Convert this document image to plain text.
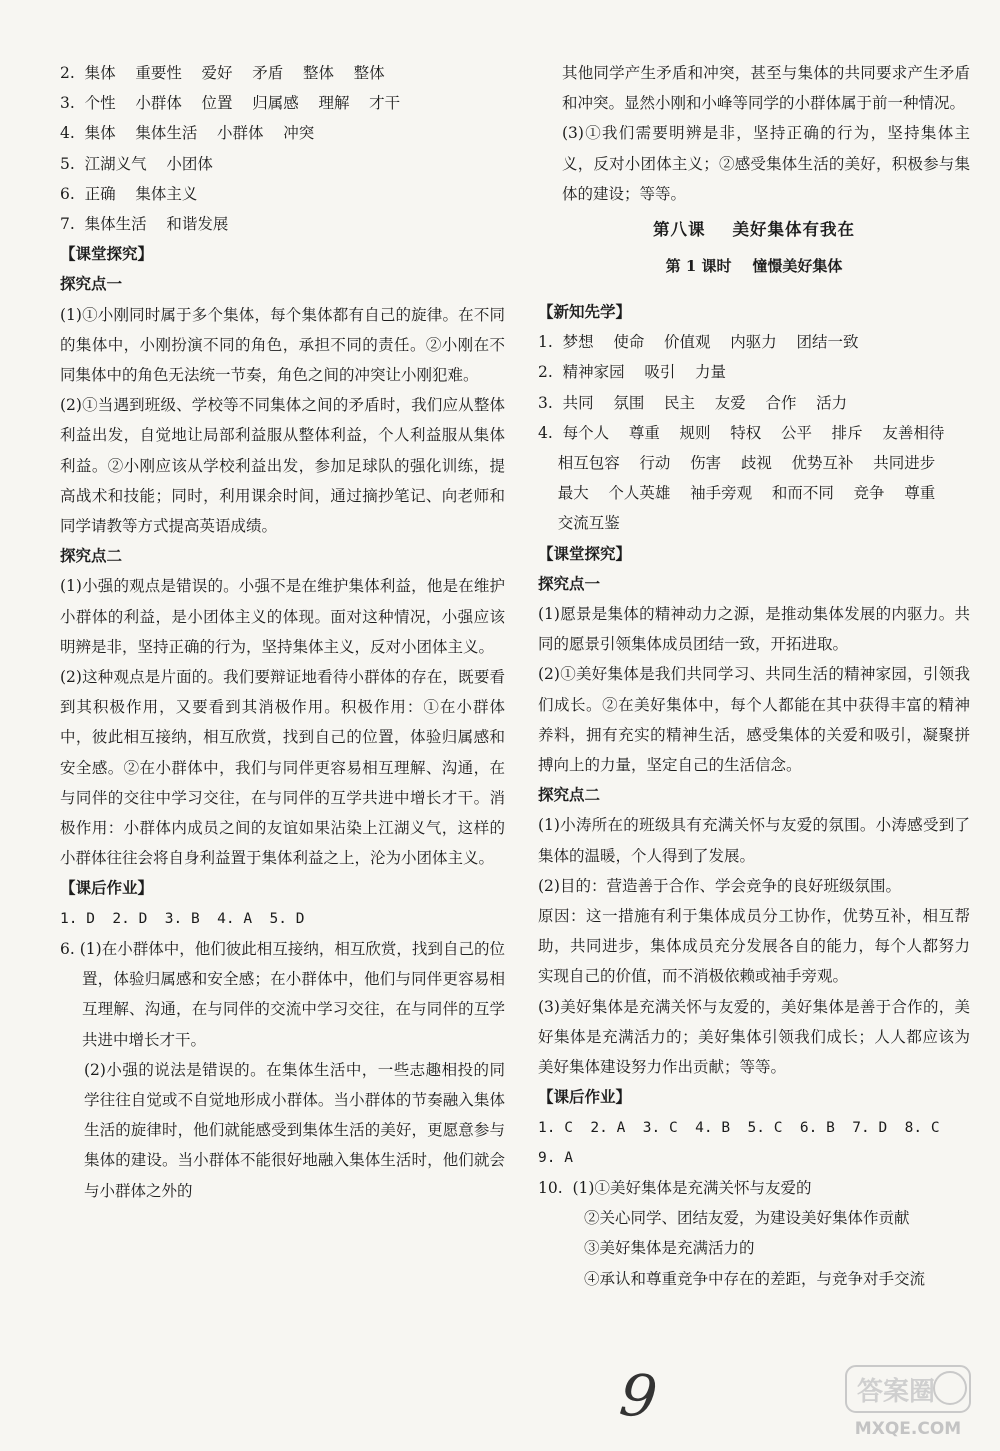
2.  集体    重要性    爱好    矛盾    整体    整体
3.  个性    小群体    位置    归属感    理解    才干
4.  集体    集体生活    小群体    冲突
5.  江湖义气    小团体
6.  正确    集体主义
7.  集体生活    和谐发展
【课堂探究】
探究点一
(1)①小刚同时属于多个集体，每个集体都有自己的旋律。在不同的集体中，小刚扮演不同的角色，承担不同的责任。②小刚在不同集体中的角色无法统一节奏，角色之间的冲突让小刚犯难。
(2)①当遇到班级、学校等不同集体之间的矛盾时，我们应从整体利益出发，自觉地让局部利益服从整体利益，个人利益服从集体利益。②小刚应该从学校利益出发，参加足球队的强化训练，提高战术和技能；同时，利用课余时间，通过摘抄笔记、向老师和同学请教等方式提高英语成绩。
探究点二
(1)小强的观点是错误的。小强不是在维护集体利益，他是在维护小群体的利益，是小团体主义的体现。面对这种情况，小强应该明辨是非，坚持正确的行为，坚持集体主义，反对小团体主义。
(2)这种观点是片面的。我们要辩证地看待小群体的存在，既要看到其积极作用，又要看到其消极作用。积极作用：①在小群体中，彼此相互接纳，相互欣赏，找到自己的位置，体验归属感和安全感。②在小群体中，我们与同伴更容易相互理解、沟通，在与同伴的交往中学习交往，在与同伴的互学共进中增长才干。消极作用：小群体内成员之间的友谊如果沾染上江湖义气，这样的小群体往往会将自身利益置于集体利益之上，沦为小团体主义。
【课后作业】
1. D  2. D  3. B  4. A  5. D
6. (1)在小群体中，他们彼此相互接纳，相互欣赏，找到自己的位置，体验归属感和安全感；在小群体中，他们与同伴更容易相互理解、沟通，在与同伴的交流中学习交往，在与同伴的互学共进中增长才干。
(2)小强的说法是错误的。在集体生活中，一些志趣相投的同学往往自觉或不自觉地形成小群体。当小群体的节奏融入集体生活的旋律时，他们就能感受到集体生活的美好，更愿意参与集体的建设。当小群体不能很好地融入集体生活时，他们就会与小群体之外的
其他同学产生矛盾和冲突，甚至与集体的共同要求产生矛盾和冲突。显然小刚和小峰等同学的小群体属于前一种情况。
(3)①我们需要明辨是非，坚持正确的行为，坚持集体主义，反对小团体主义；②感受集体生活的美好，积极参与集体的建设；等等。
第八课    美好集体有我在
第 1 课时    憧憬美好集体
【新知先学】
1.  梦想    使命    价值观    内驱力    团结一致
2.  精神家园    吸引    力量
3.  共同    氛围    民主    友爱    合作    活力
4.  每个人    尊重    规则    特权    公平    排斥    友善相待
相互包容    行动    伤害    歧视    优势互补    共同进步
最大    个人英雄    袖手旁观    和而不同    竞争    尊重
交流互鉴
【课堂探究】
探究点一
(1)愿景是集体的精神动力之源，是推动集体发展的内驱力。共同的愿景引领集体成员团结一致，开拓进取。
(2)①美好集体是我们共同学习、共同生活的精神家园，引领我们成长。②在美好集体中，每个人都能在其中获得丰富的精神养料，拥有充实的精神生活，感受集体的关爱和吸引，凝聚拼搏向上的力量，坚定自己的生活信念。
探究点二
(1)小涛所在的班级具有充满关怀与友爱的氛围。小涛感受到了集体的温暖，个人得到了发展。
(2)目的：营造善于合作、学会竞争的良好班级氛围。
原因：这一措施有利于集体成员分工协作，优势互补，相互帮助，共同进步，集体成员充分发展各自的能力，每个人都努力实现自己的价值，而不消极依赖或袖手旁观。
(3)美好集体是充满关怀与友爱的，美好集体是善于合作的，美好集体是充满活力的；美好集体引领我们成长；人人都应该为美好集体建设努力作出贡献；等等。
【课后作业】
1. C  2. A  3. C  4. B  5. C  6. B  7. D  8. C
9. A
10.  (1)①美好集体是充满关怀与友爱的
②关心同学、团结友爱，为建设美好集体作贡献
③美好集体是充满活力的
④承认和尊重竞争中存在的差距，与竞争对手交流
9	答案圈
MXQE.COM
